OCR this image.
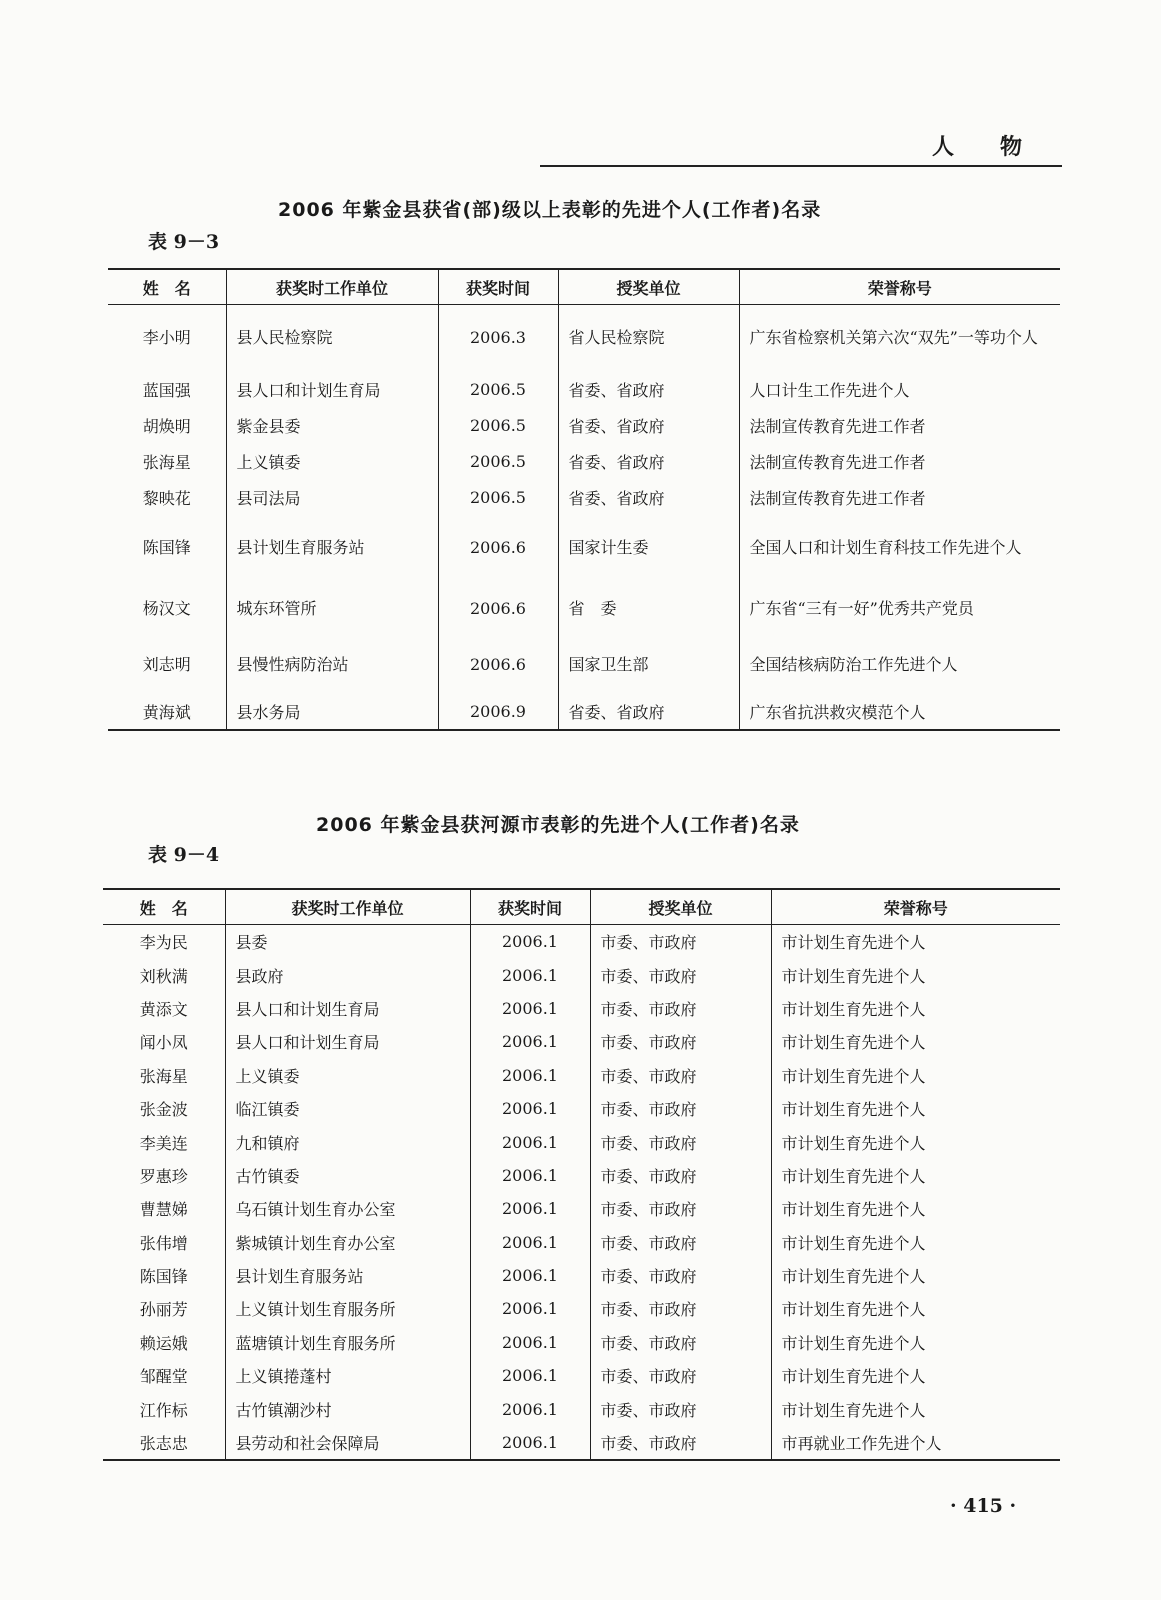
人 物
2006 年紫金县获省(部)级以上表彰的先进个人(工作者)名录
表 9－3
姓　名	获奖时工作单位	获奖时间	授奖单位	荣誉称号
李小明	县人民检察院	2006.3	省人民检察院	广东省检察机关第六次“双先”一等功个人
蓝国强	县人口和计划生育局	2006.5	省委、省政府	人口计生工作先进个人
胡焕明	紫金县委	2006.5	省委、省政府	法制宣传教育先进工作者
张海星	上义镇委	2006.5	省委、省政府	法制宣传教育先进工作者
黎映花	县司法局	2006.5	省委、省政府	法制宣传教育先进工作者
陈国锋	县计划生育服务站	2006.6	国家计生委	全国人口和计划生育科技工作先进个人
杨汉文	城东环管所	2006.6	省　委	广东省“三有一好”优秀共产党员
刘志明	县慢性病防治站	2006.6	国家卫生部	全国结核病防治工作先进个人
黄海斌	县水务局	2006.9	省委、省政府	广东省抗洪救灾模范个人
2006 年紫金县获河源市表彰的先进个人(工作者)名录
表 9－4
姓　名	获奖时工作单位	获奖时间	授奖单位	荣誉称号
李为民	县委	2006.1	市委、市政府	市计划生育先进个人
刘秋满	县政府	2006.1	市委、市政府	市计划生育先进个人
黄添文	县人口和计划生育局	2006.1	市委、市政府	市计划生育先进个人
闻小凤	县人口和计划生育局	2006.1	市委、市政府	市计划生育先进个人
张海星	上义镇委	2006.1	市委、市政府	市计划生育先进个人
张金波	临江镇委	2006.1	市委、市政府	市计划生育先进个人
李美连	九和镇府	2006.1	市委、市政府	市计划生育先进个人
罗惠珍	古竹镇委	2006.1	市委、市政府	市计划生育先进个人
曹慧娣	乌石镇计划生育办公室	2006.1	市委、市政府	市计划生育先进个人
张伟增	紫城镇计划生育办公室	2006.1	市委、市政府	市计划生育先进个人
陈国锋	县计划生育服务站	2006.1	市委、市政府	市计划生育先进个人
孙丽芳	上义镇计划生育服务所	2006.1	市委、市政府	市计划生育先进个人
赖运娥	蓝塘镇计划生育服务所	2006.1	市委、市政府	市计划生育先进个人
邹醒堂	上义镇捲蓬村	2006.1	市委、市政府	市计划生育先进个人
江作标	古竹镇潮沙村	2006.1	市委、市政府	市计划生育先进个人
张志忠	县劳动和社会保障局	2006.1	市委、市政府	市再就业工作先进个人
· 415 ·
